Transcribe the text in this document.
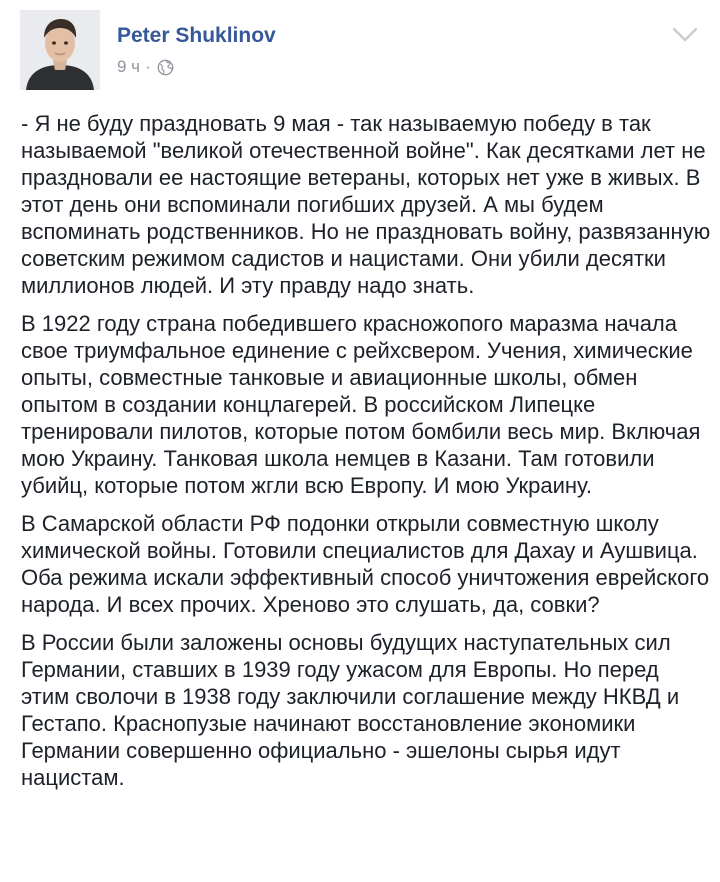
Peter Shuklinov
9 ч ·

- Я не буду праздновать 9 мая - так называемую победу в так называемой "великой отечественной войне". Как десятками лет не праздновали ее настоящие ветераны, которых нет уже в живых. В этот день они вспоминали погибших друзей. А мы будем вспоминать родственников. Но не праздновать войну, развязанную советским режимом садистов и нацистами. Они убили десятки миллионов людей. И эту правду надо знать.

В 1922 году страна победившего красножопого маразма начала свое триумфальное единение с рейхсвером. Учения, химические опыты, совместные танковые и авиационные школы, обмен опытом в создании концлагерей. В российском Липецке тренировали пилотов, которые потом бомбили весь мир. Включая мою Украину. Танковая школа немцев в Казани. Там готовили убийц, которые потом жгли всю Европу. И мою Украину.

В Самарской области РФ подонки открыли совместную школу химической войны. Готовили специалистов для Дахау и Аушвица. Оба режима искали эффективный способ уничтожения еврейского народа. И всех прочих. Хреново это слушать, да, совки?

В России были заложены основы будущих наступательных сил Германии, ставших в 1939 году ужасом для Европы. Но перед этим сволочи в 1938 году заключили соглашение между НКВД и Гестапо. Краснопузые начинают восстановление экономики Германии совершенно официально - эшелоны сырья идут нацистам.
